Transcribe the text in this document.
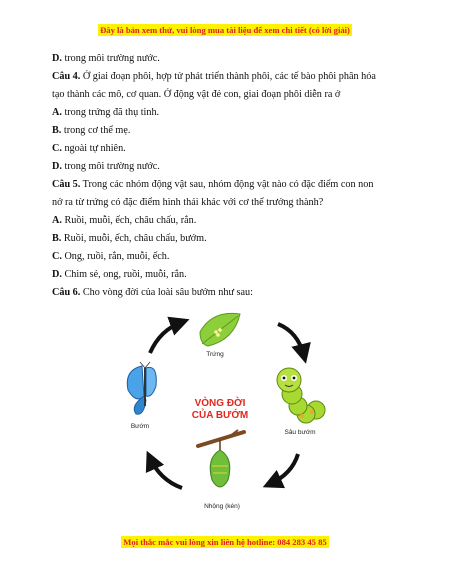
Đây là bản xem thử, vui lòng mua tài liệu để xem chi tiết (có lời giải)
D. trong môi trường nước.
Câu 4. Ở giai đoạn phôi, hợp tử phát triển thành phôi, các tế bào phôi phân hóa
tạo thành các mô, cơ quan. Ở động vật đẻ con, giai đoạn phôi diễn ra ở
A. trong trứng đã thụ tinh.
B. trong cơ thể mẹ.
C. ngoài tự nhiên.
D. trong môi trường nước.
Câu 5. Trong các nhóm động vật sau, nhóm động vật nào có đặc điểm con non
nở ra từ trứng có đặc điểm hình thái khác với cơ thể trưởng thành?
A. Ruồi, muỗi, ếch, châu chấu, rắn.
B. Ruồi, muỗi, ếch, châu chấu, bướm.
C. Ong, ruồi, rắn, muỗi, ếch.
D. Chim sẻ, ong, ruồi, muỗi, rắn.
Câu 6. Cho vòng đời của loài sâu bướm như sau:
Trứng
Bướm
Sâu bướm
Nhộng (kén)
VÒNG ĐỜI
CỦA BƯỚM
Mọi thắc mắc vui lòng xin liên hệ hotline: 084 283 45 85
